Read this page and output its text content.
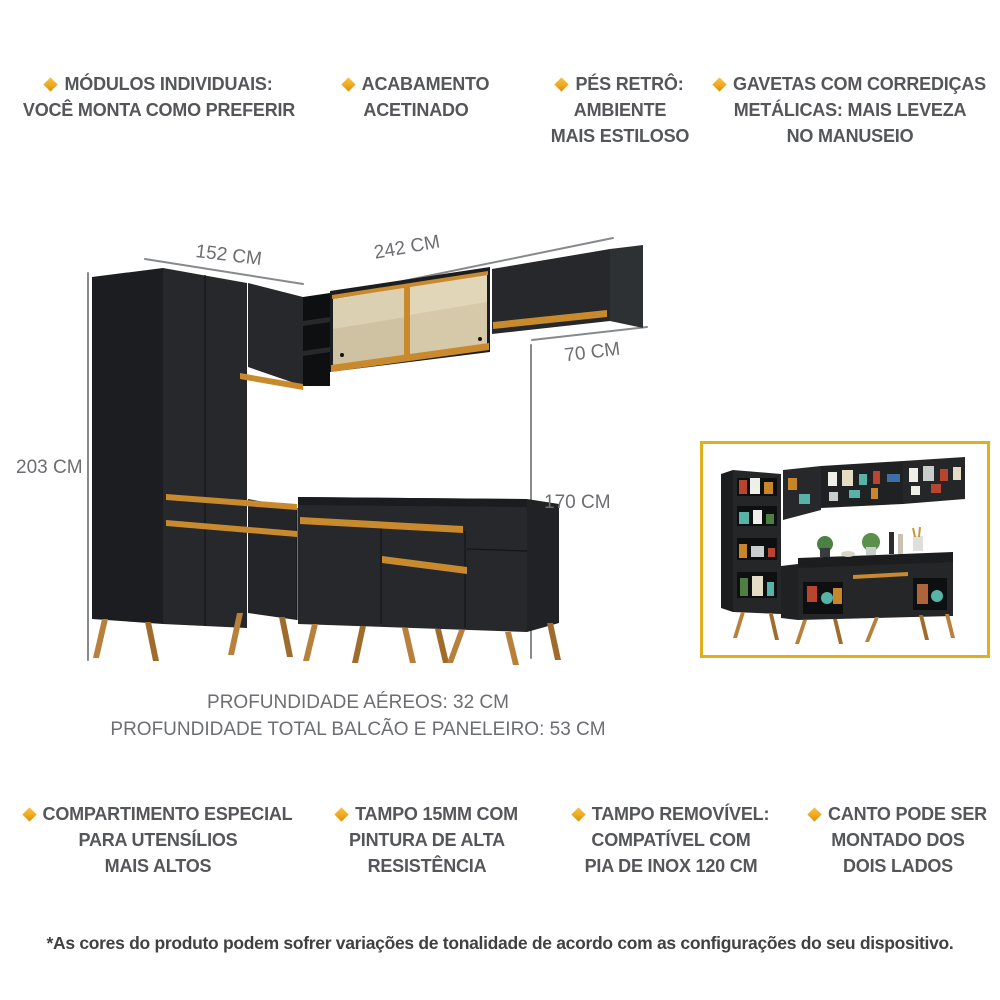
MÓDULOS INDIVIDUAIS:
VOCÊ MONTA COMO PREFERIR
ACABAMENTO
ACETINADO
PÉS RETRÔ:
AMBIENTE
MAIS ESTILOSO
GAVETAS COM CORREDIÇAS
METÁLICAS: MAIS LEVEZA
NO MANUSEIO
203 CM
152 CM	242 CM
70 CM
170 CM
PROFUNDIDADE AÉREOS: 32 CM
PROFUNDIDADE TOTAL BALCÃO E PANELEIRO: 53 CM
COMPARTIMENTO ESPECIAL
PARA UTENSÍLIOS
MAIS ALTOS
TAMPO 15MM COM
PINTURA DE ALTA
RESISTÊNCIA
TAMPO REMOVÍVEL:
COMPATÍVEL COM
PIA DE INOX 120 CM
CANTO PODE SER
MONTADO DOS
DOIS LADOS
*As cores do produto podem sofrer variações de tonalidade de acordo com as configurações do seu dispositivo.
